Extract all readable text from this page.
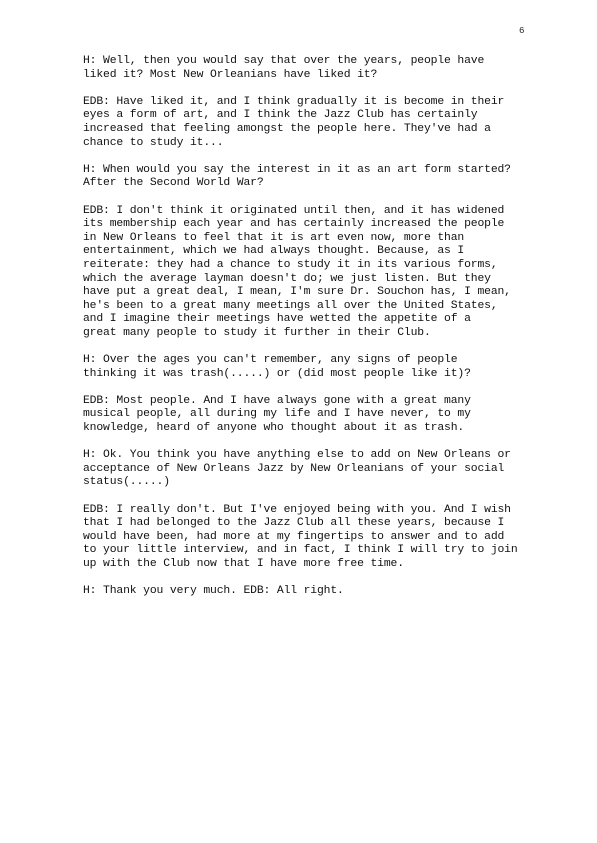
6

H: Well, then you would say that over the years, people have
liked it? Most New Orleanians have liked it?

EDB: Have liked it, and I think gradually it is become in their
eyes a form of art, and I think the Jazz Club has certainly
increased that feeling amongst the people here. They've had a
chance to study it...

H: When would you say the interest in it as an art form started?
After the Second World War?

EDB: I don't think it originated until then, and it has widened
its membership each year and has certainly increased the people
in New Orleans to feel that it is art even now, more than
entertainment, which we had always thought. Because, as I
reiterate: they had a chance to study it in its various forms,
which the average layman doesn't do; we just listen. But they
have put a great deal, I mean, I'm sure Dr. Souchon has, I mean,
he's been to a great many meetings all over the United States,
and I imagine their meetings have wetted the appetite of a
great many people to study it further in their Club.

H: Over the ages you can't remember, any signs of people
thinking it was trash(.....) or (did most people like it)?

EDB: Most people. And I have always gone with a great many
musical people, all during my life and I have never, to my
knowledge, heard of anyone who thought about it as trash.

H: Ok. You think you have anything else to add on New Orleans or
acceptance of New Orleans Jazz by New Orleanians of your social
status(.....)

EDB: I really don't. But I've enjoyed being with you. And I wish
that I had belonged to the Jazz Club all these years, because I
would have been, had more at my fingertips to answer and to add
to your little interview, and in fact, I think I will try to join
up with the Club now that I have more free time.

H: Thank you very much. EDB: All right.
